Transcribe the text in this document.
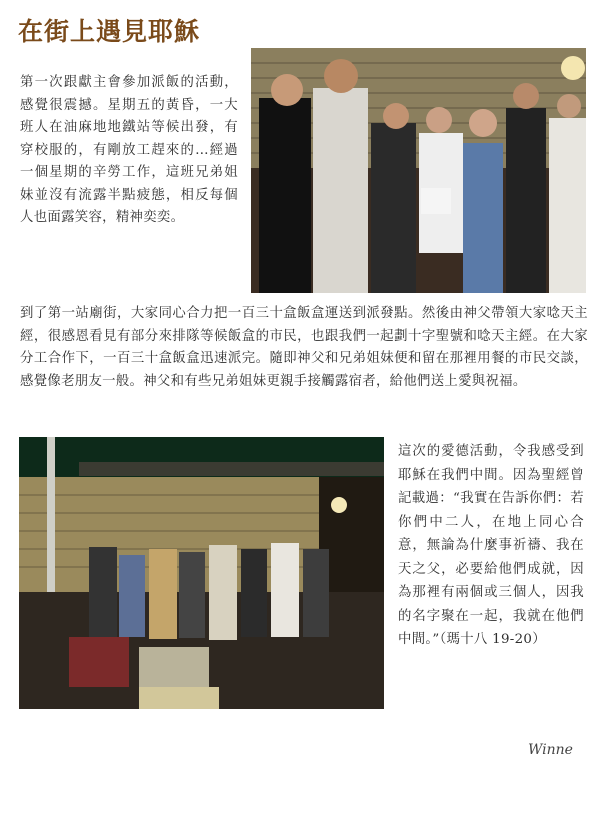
在街上遇見耶穌

第一次跟獻主會參加派飯的活動，感覺很震撼。星期五的黃昏，一大班人在油麻地地鐵站等候出發，有穿校服的，有剛放工趕來的…經過一個星期的辛勞工作，這班兄弟姐妹並沒有流露半點疲態，相反每個人也面露笑容，精神奕奕。

到了第一站廟街，大家同心合力把一百三十盒飯盒運送到派發點。然後由神父帶領大家唸天主經，很感恩看見有部分來排隊等候飯盒的市民，也跟我們一起劃十字聖號和唸天主經。在大家分工合作下，一百三十盒飯盒迅速派完。隨即神父和兄弟姐妹便和留在那裡用餐的市民交談，感覺像老朋友一般。神父和有些兄弟姐妹更親手接觸露宿者，給他們送上愛與祝福。

這次的愛德活動，令我感受到耶穌在我們中間。因為聖經曾記載過：“我實在告訴你們：若你們中二人，在地上同心合意，無論為什麼事祈禱、我在天之父，必要給他們成就，因為那裡有兩個或三個人，因我的名字聚在一起，我就在他們中間。”（瑪十八 19-20）

Winne
